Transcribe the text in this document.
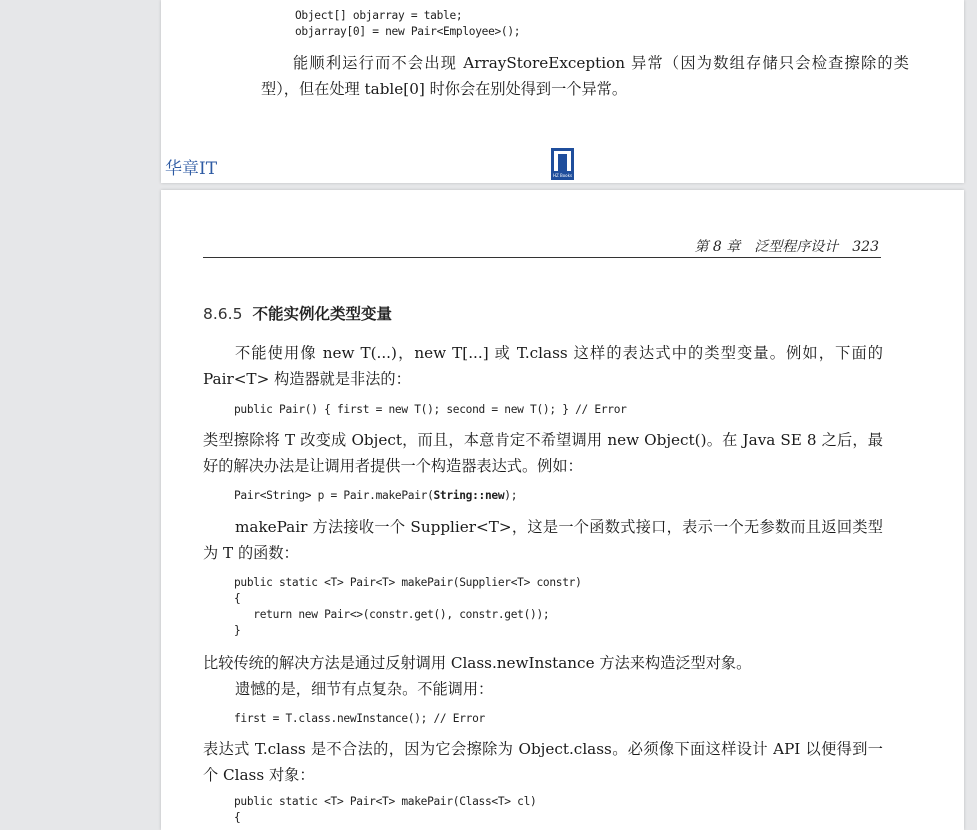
Object[] objarray = table;
objarray[0] = new Pair<Employee>();

能顺利运行而不会出现 ArrayStoreException 异常（因为数组存储只会检查擦除的类型），但在处理 table[0] 时你会在别处得到一个异常。

华章IT	HZ Books
第 8 章　泛型程序设计　323
8.6.5 不能实例化类型变量

不能使用像 new T(...)，new T[...] 或 T.class 这样的表达式中的类型变量。例如，下面的 Pair<T> 构造器就是非法的：

public Pair() { first = new T(); second = new T(); } // Error

类型擦除将 T 改变成 Object，而且，本意肯定不希望调用 new Object()。在 Java SE 8 之后，最好的解决办法是让调用者提供一个构造器表达式。例如：

Pair<String> p = Pair.makePair(String::new);

makePair 方法接收一个 Supplier<T>，这是一个函数式接口，表示一个无参数而且返回类型为 T 的函数：

public static <T> Pair<T> makePair(Supplier<T> constr)
{
return new Pair<>(constr.get(), constr.get());
}

比较传统的解决方法是通过反射调用 Class.newInstance 方法来构造泛型对象。

遗憾的是，细节有点复杂。不能调用：

first = T.class.newInstance(); // Error

表达式 T.class 是不合法的，因为它会擦除为 Object.class。必须像下面这样设计 API 以便得到一个 Class 对象：

public static <T> Pair<T> makePair(Class<T> cl)
{
